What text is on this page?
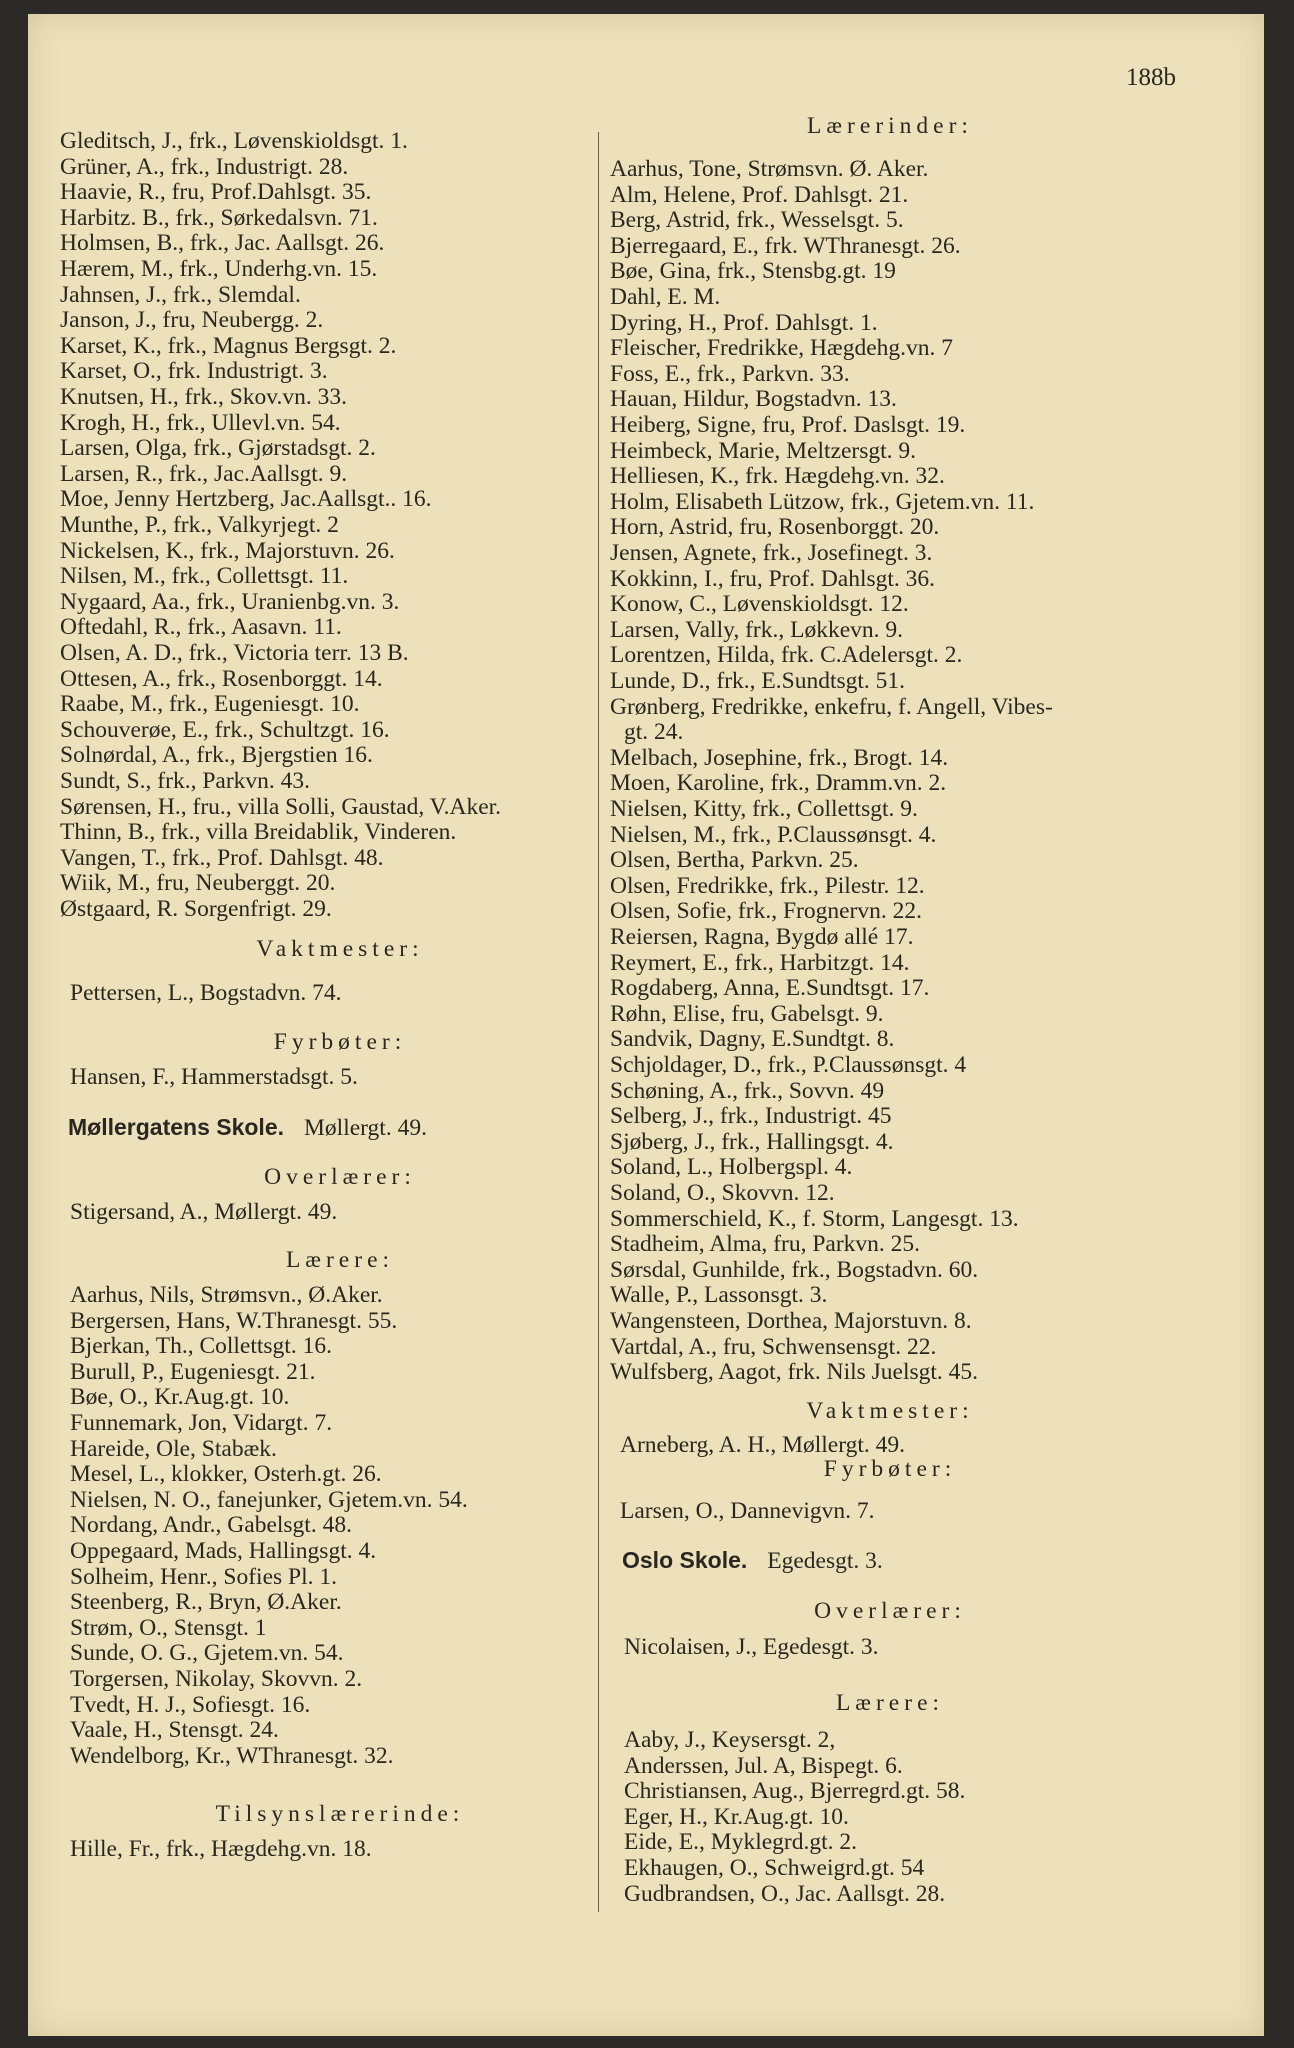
188b
Gleditsch, J., frk., Løvenskioldsgt. 1.
Grüner, A., frk., Industrigt. 28.
Haavie, R., fru, Prof.Dahlsgt. 35.
Harbitz. B., frk., Sørkedalsvn. 71.
Holmsen, B., frk., Jac. Aallsgt. 26.
Hærem, M., frk., Underhg.vn. 15.
Jahnsen, J., frk., Slemdal.
Janson, J., fru, Neubergg. 2.
Karset, K., frk., Magnus Bergsgt. 2.
Karset, O., frk. Industrigt. 3.
Knutsen, H., frk., Skov.vn. 33.
Krogh, H., frk., Ullevl.vn. 54.
Larsen, Olga, frk., Gjørstadsgt. 2.
Larsen, R., frk., Jac.Aallsgt. 9.
Moe, Jenny Hertzberg, Jac.Aallsgt.. 16.
Munthe, P., frk., Valkyrjegt. 2
Nickelsen, K., frk., Majorstuvn. 26.
Nilsen, M., frk., Collettsgt. 11.
Nygaard, Aa., frk., Uranienbg.vn. 3.
Oftedahl, R., frk., Aasavn. 11.
Olsen, A. D., frk., Victoria terr. 13 B.
Ottesen, A., frk., Rosenborggt. 14.
Raabe, M., frk., Eugeniesgt. 10.
Schouverøe, E., frk., Schultzgt. 16.
Solnørdal, A., frk., Bjergstien 16.
Sundt, S., frk., Parkvn. 43.
Sørensen, H., fru., villa Solli, Gaustad, V.Aker.
Thinn, B., frk., villa Breidablik, Vinderen.
Vangen, T., frk., Prof. Dahlsgt. 48.
Wiik, M., fru, Neuberggt. 20.
Østgaard, R. Sorgenfrigt. 29.
Vaktmester:
Pettersen, L., Bogstadvn. 74.
Fyrbøter:
Hansen, F., Hammerstadsgt. 5.
Møllergatens Skole. Møllergt. 49.
Overlærer:
Stigersand, A., Møllergt. 49.
Lærere:
Aarhus, Nils, Strømsvn., Ø.Aker.
Bergersen, Hans, W.Thranesgt. 55.
Bjerkan, Th., Collettsgt. 16.
Burull, P., Eugeniesgt. 21.
Bøe, O., Kr.Aug.gt. 10.
Funnemark, Jon, Vidargt. 7.
Hareide, Ole, Stabæk.
Mesel, L., klokker, Osterh.gt. 26.
Nielsen, N. O., fanejunker, Gjetem.vn. 54.
Nordang, Andr., Gabelsgt. 48.
Oppegaard, Mads, Hallingsgt. 4.
Solheim, Henr., Sofies Pl. 1.
Steenberg, R., Bryn, Ø.Aker.
Strøm, O., Stensgt. 1
Sunde, O. G., Gjetem.vn. 54.
Torgersen, Nikolay, Skovvn. 2.
Tvedt, H. J., Sofiesgt. 16.
Vaale, H., Stensgt. 24.
Wendelborg, Kr., WThranesgt. 32.
Tilsynslærerinde:
Hille, Fr., frk., Hægdehg.vn. 18.
Lærerinder:
Aarhus, Tone, Strømsvn. Ø. Aker.
Alm, Helene, Prof. Dahlsgt. 21.
Berg, Astrid, frk., Wesselsgt. 5.
Bjerregaard, E., frk. WThranesgt. 26.
Bøe, Gina, frk., Stensbg.gt. 19
Dahl, E. M.
Dyring, H., Prof. Dahlsgt. 1.
Fleischer, Fredrikke, Hægdehg.vn. 7
Foss, E., frk., Parkvn. 33.
Hauan, Hildur, Bogstadvn. 13.
Heiberg, Signe, fru, Prof. Daslsgt. 19.
Heimbeck, Marie, Meltzersgt. 9.
Helliesen, K., frk. Hægdehg.vn. 32.
Holm, Elisabeth Lützow, frk., Gjetem.vn. 11.
Horn, Astrid, fru, Rosenborggt. 20.
Jensen, Agnete, frk., Josefinegt. 3.
Kokkinn, I., fru, Prof. Dahlsgt. 36.
Konow, C., Løvenskioldsgt. 12.
Larsen, Vally, frk., Løkkevn. 9.
Lorentzen, Hilda, frk. C.Adelersgt. 2.
Lunde, D., frk., E.Sundtsgt. 51.
Grønberg, Fredrikke, enkefru, f. Angell, Vibes-
gt. 24.
Melbach, Josephine, frk., Brogt. 14.
Moen, Karoline, frk., Dramm.vn. 2.
Nielsen, Kitty, frk., Collettsgt. 9.
Nielsen, M., frk., P.Claussønsgt. 4.
Olsen, Bertha, Parkvn. 25.
Olsen, Fredrikke, frk., Pilestr. 12.
Olsen, Sofie, frk., Frognervn. 22.
Reiersen, Ragna, Bygdø allé 17.
Reymert, E., frk., Harbitzgt. 14.
Rogdaberg, Anna, E.Sundtsgt. 17.
Røhn, Elise, fru, Gabelsgt. 9.
Sandvik, Dagny, E.Sundtgt. 8.
Schjoldager, D., frk., P.Claussønsgt. 4
Schøning, A., frk., Sovvn. 49
Selberg, J., frk., Industrigt. 45
Sjøberg, J., frk., Hallingsgt. 4.
Soland, L., Holbergspl. 4.
Soland, O., Skovvn. 12.
Sommerschield, K., f. Storm, Langesgt. 13.
Stadheim, Alma, fru, Parkvn. 25.
Sørsdal, Gunhilde, frk., Bogstadvn. 60.
Walle, P., Lassonsgt. 3.
Wangensteen, Dorthea, Majorstuvn. 8.
Vartdal, A., fru, Schwensensgt. 22.
Wulfsberg, Aagot, frk. Nils Juelsgt. 45.
Vaktmester:
Arneberg, A. H., Møllergt. 49.
Fyrbøter:
Larsen, O., Dannevigvn. 7.
Oslo Skole. Egedesgt. 3.
Overlærer:
Nicolaisen, J., Egedesgt. 3.
Lærere:
Aaby, J., Keysersgt. 2,
Anderssen, Jul. A, Bispegt. 6.
Christiansen, Aug., Bjerregrd.gt. 58.
Eger, H., Kr.Aug.gt. 10.
Eide, E., Myklegrd.gt. 2.
Ekhaugen, O., Schweigrd.gt. 54
Gudbrandsen, O., Jac. Aallsgt. 28.
